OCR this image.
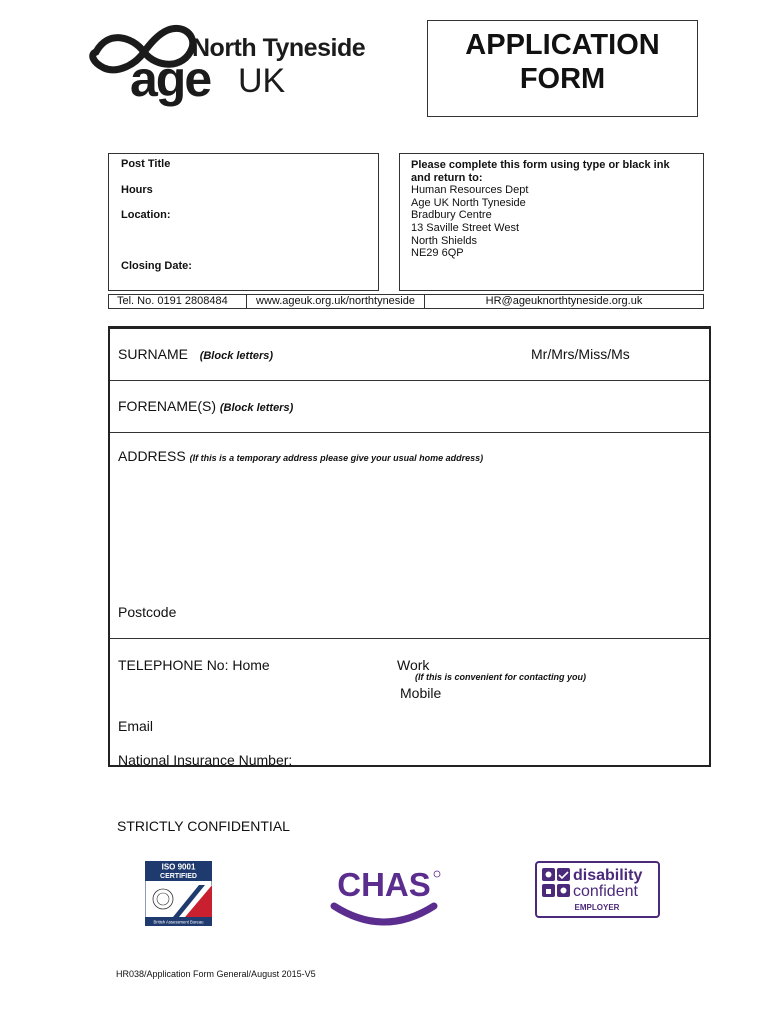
North Tyneside
age UK
APPLICATION
FORM
Post Title
Hours
Location:
Closing Date:
Please complete this form using type or black ink
and return to:
Human Resources Dept
Age UK North Tyneside
Bradbury Centre
13 Saville Street West
North Shields
NE29 6QP
Tel. No. 0191 2808484	www.ageuk.org.uk/northtyneside	HR@ageuknorthtyneside.org.uk
SURNAME (Block letters)	Mr/Mrs/Miss/Ms
FORENAME(S) (Block letters)
ADDRESS (If this is a temporary address please give your usual home address)
Postcode
TELEPHONE No: Home	Work
(If this is convenient for contacting you)
Mobile
Email
National Insurance Number:
STRICTLY CONFIDENTIAL
ISO 9001
CERTIFIED
British Assessment Bureau
CHAS	disability
confident
EMPLOYER
HR038/Application Form General/August 2015-V5
